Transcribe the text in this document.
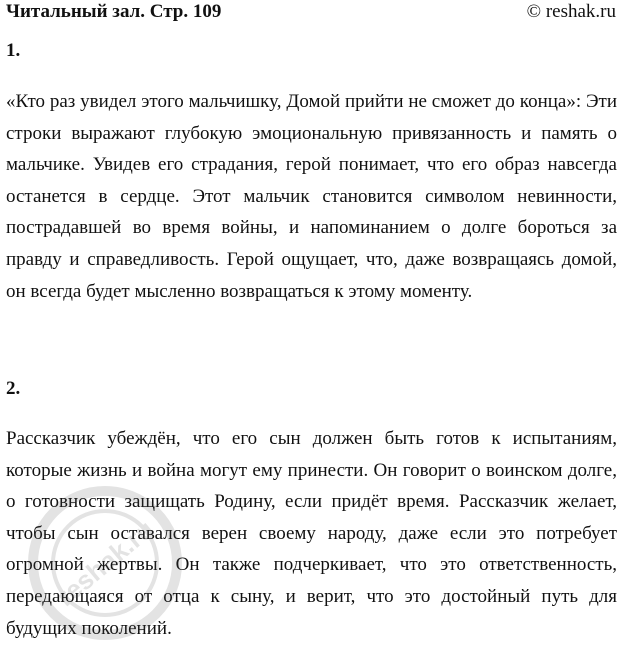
Читальный зал. Стр. 109	© reshak.ru
1.

«Кто раз увидел этого мальчишку, Домой прийти не сможет до конца»: Эти строки выражают глубокую эмоциональную привязанность и память о мальчике. Увидев его страдания, герой понимает, что его образ навсегда останется в сердце. Этот мальчик становится символом невинности, пострадавшей во время войны, и напоминанием о долге бороться за правду и справедливость. Герой ощущает, что, даже возвращаясь домой, он всегда будет мысленно возвращаться к этому моменту.

2.

Рассказчик убеждён, что его сын должен быть готов к испытаниям, которые жизнь и война могут ему принести. Он говорит о воинском долге, о готовности защищать Родину, если придёт время. Рассказчик желает, чтобы сын оставался верен своему народу, даже если это потребует огромной жертвы. Он также подчеркивает, что это ответственность, передающаяся от отца к сыну, и верит, что это достойный путь для будущих поколений.

reshak.ru
